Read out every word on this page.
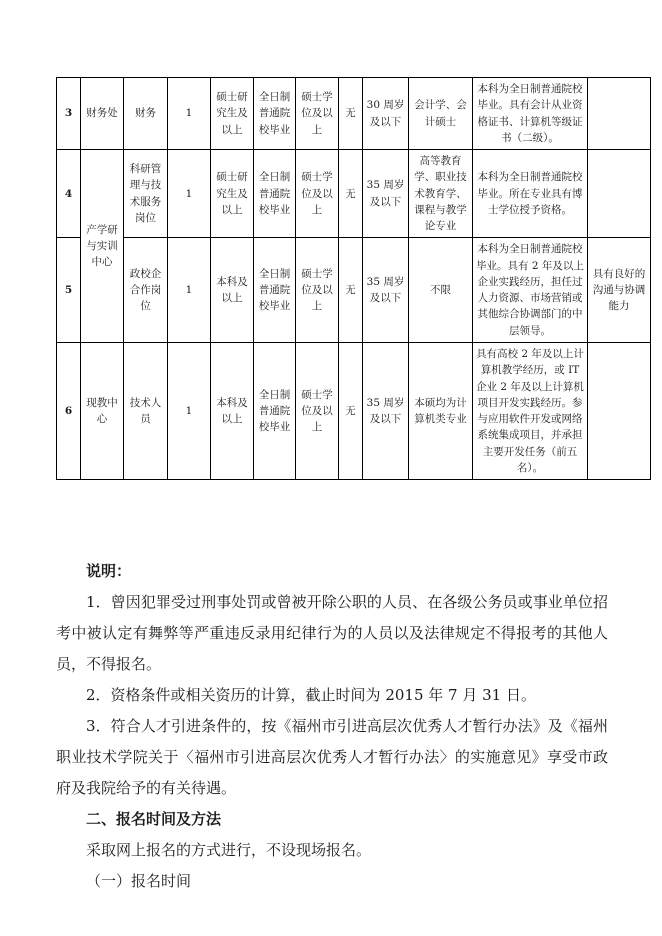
3	财务处	财务	1	硕士研究生及以上	全日制普通院校毕业	硕士学位及以上	无	30 周岁及以下	会计学、会计硕士	本科为全日制普通院校毕业。具有会计从业资格证书、计算机等级证书（二级）。	
4	产学研与实训中心	科研管理与技术服务岗位	1	硕士研究生及以上	全日制普通院校毕业	硕士学位及以上	无	35 周岁及以下	高等教育学、职业技术教育学、课程与教学论专业	本科为全日制普通院校毕业。所在专业具有博士学位授予资格。	
5		政校企合作岗位	1	本科及以上	全日制普通院校毕业	硕士学位及以上	无	35 周岁及以下	不限	本科为全日制普通院校毕业。具有 2 年及以上企业实践经历，担任过人力资源、市场营销或其他综合协调部门的中层领导。	具有良好的沟通与协调能力
6	现教中心	技术人员	1	本科及以上	全日制普通院校毕业	硕士学位及以上	无	35 周岁及以下	本硕均为计算机类专业	具有高校 2 年及以上计算机教学经历，或 IT 企业 2 年及以上计算机项目开发实践经历。参与应用软件开发或网络系统集成项目，并承担主要开发任务（前五名）。	

说明：

1．曾因犯罪受过刑事处罚或曾被开除公职的人员、在各级公务员或事业单位招考中被认定有舞弊等严重违反录用纪律行为的人员以及法律规定不得报考的其他人员，不得报名。

2．资格条件或相关资历的计算，截止时间为 2015 年 7 月 31 日。

3．符合人才引进条件的，按《福州市引进高层次优秀人才暂行办法》及《福州职业技术学院关于〈福州市引进高层次优秀人才暂行办法〉的实施意见》享受市政府及我院给予的有关待遇。

二、报名时间及方法

采取网上报名的方式进行，不设现场报名。

（一）报名时间
